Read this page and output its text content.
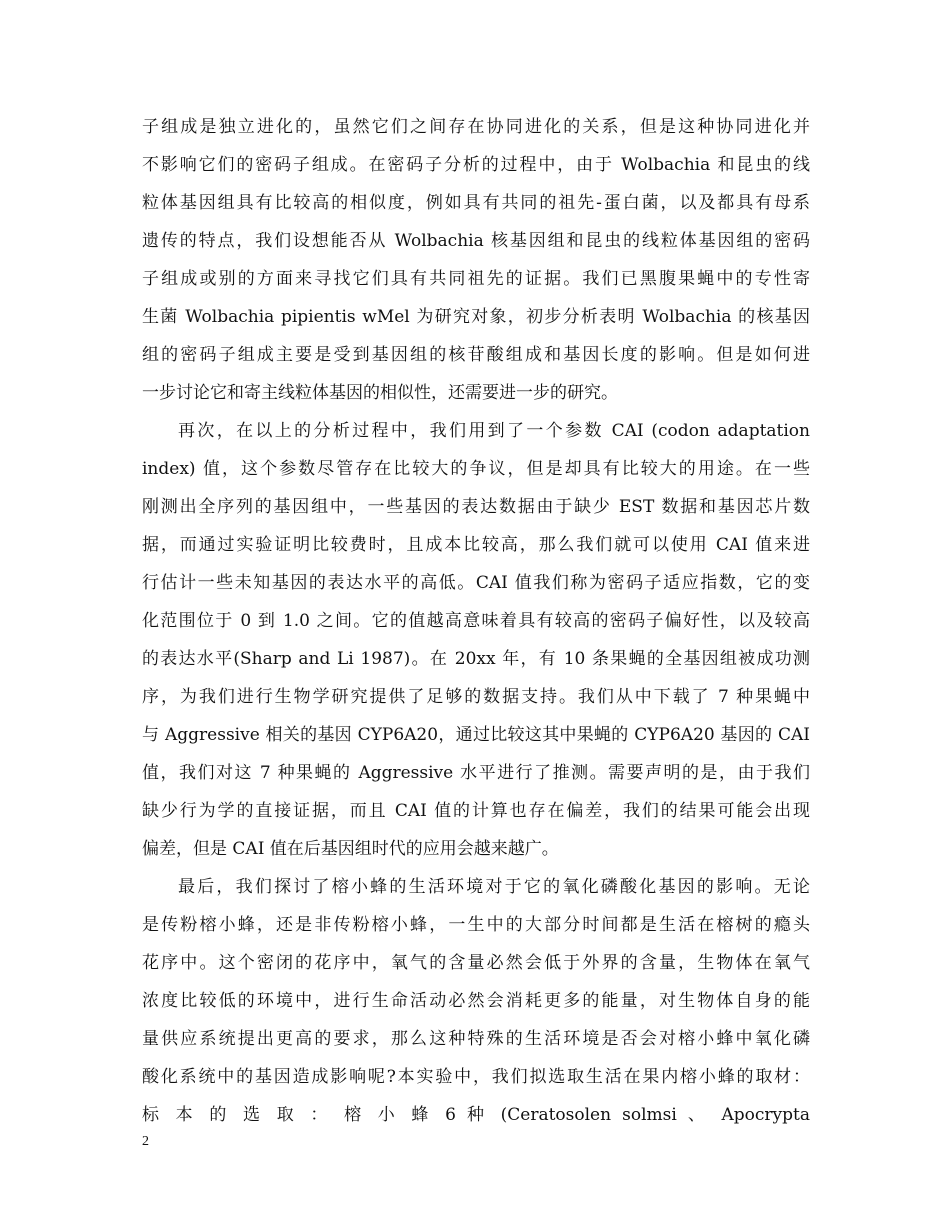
子组成是独立进化的，虽然它们之间存在协同进化的关系，但是这种协同进化并
不影响它们的密码子组成。在密码子分析的过程中，由于 Wolbachia 和昆虫的线
粒体基因组具有比较高的相似度，例如具有共同的祖先-蛋白菌，以及都具有母系
遗传的特点，我们设想能否从 Wolbachia 核基因组和昆虫的线粒体基因组的密码
子组成或别的方面来寻找它们具有共同祖先的证据。我们已黑腹果蝇中的专性寄
生菌 Wolbachia pipientis wMel 为研究对象，初步分析表明 Wolbachia 的核基因
组的密码子组成主要是受到基因组的核苷酸组成和基因长度的影响。但是如何进
一步讨论它和寄主线粒体基因的相似性，还需要进一步的研究。
再次，在以上的分析过程中，我们用到了一个参数 CAI (codon adaptation
index) 值，这个参数尽管存在比较大的争议，但是却具有比较大的用途。在一些
刚测出全序列的基因组中，一些基因的表达数据由于缺少 EST 数据和基因芯片数
据，而通过实验证明比较费时，且成本比较高，那么我们就可以使用 CAI 值来进
行估计一些未知基因的表达水平的高低。CAI 值我们称为密码子适应指数，它的变
化范围位于 0 到 1.0 之间。它的值越高意味着具有较高的密码子偏好性，以及较高
的表达水平(Sharp and Li 1987)。在 20xx 年，有 10 条果蝇的全基因组被成功测
序，为我们进行生物学研究提供了足够的数据支持。我们从中下载了 7 种果蝇中
与 Aggressive 相关的基因 CYP6A20，通过比较这其中果蝇的 CYP6A20 基因的 CAI
值，我们对这 7 种果蝇的 Aggressive 水平进行了推测。需要声明的是，由于我们
缺少行为学的直接证据，而且 CAI 值的计算也存在偏差，我们的结果可能会出现
偏差，但是 CAI 值在后基因组时代的应用会越来越广。
最后，我们探讨了榕小蜂的生活环境对于它的氧化磷酸化基因的影响。无论
是传粉榕小蜂，还是非传粉榕小蜂，一生中的大部分时间都是生活在榕树的瘾头
花序中。这个密闭的花序中，氧气的含量必然会低于外界的含量，生物体在氧气
浓度比较低的环境中，进行生命活动必然会消耗更多的能量，对生物体自身的能
量供应系统提出更高的要求，那么这种特殊的生活环境是否会对榕小蜂中氧化磷
酸化系统中的基因造成影响呢?本实验中，我们拟选取生活在果内榕小蜂的取材：
标 本 的 选 取 ： 榕 小 蜂 6 种 (Ceratosolen solmsi 、 Apocrypta
2
